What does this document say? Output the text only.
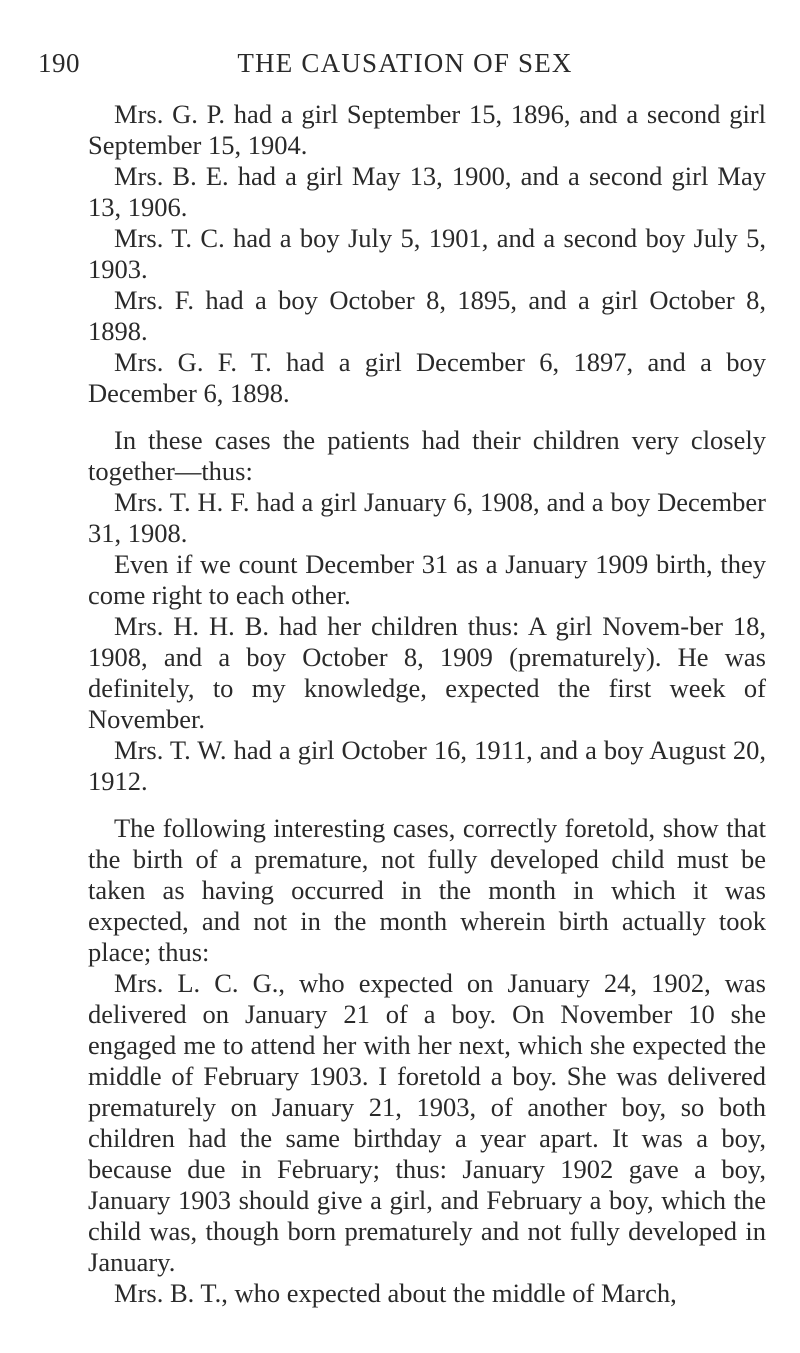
190	THE CAUSATION OF SEX

Mrs. G. P. had a girl September 15, 1896, and a second girl September 15, 1904.

Mrs. B. E. had a girl May 13, 1900, and a second girl May 13, 1906.

Mrs. T. C. had a boy July 5, 1901, and a second boy July 5, 1903.

Mrs. F. had a boy October 8, 1895, and a girl October 8, 1898.

Mrs. G. F. T. had a girl December 6, 1897, and a boy December 6, 1898.

In these cases the patients had their children very closely together—thus:

Mrs. T. H. F. had a girl January 6, 1908, and a boy December 31, 1908.

Even if we count December 31 as a January 1909 birth, they come right to each other.

Mrs. H. H. B. had her children thus: A girl Novem-ber 18, 1908, and a boy October 8, 1909 (prematurely). He was definitely, to my knowledge, expected the first week of November.

Mrs. T. W. had a girl October 16, 1911, and a boy August 20, 1912.

The following interesting cases, correctly foretold, show that the birth of a premature, not fully developed child must be taken as having occurred in the month in which it was expected, and not in the month wherein birth actually took place; thus:

Mrs. L. C. G., who expected on January 24, 1902, was delivered on January 21 of a boy. On November 10 she engaged me to attend her with her next, which she expected the middle of February 1903. I foretold a boy. She was delivered prematurely on January 21, 1903, of another boy, so both children had the same birthday a year apart. It was a boy, because due in February; thus: January 1902 gave a boy, January 1903 should give a girl, and February a boy, which the child was, though born prematurely and not fully developed in January.

Mrs. B. T., who expected about the middle of March,
